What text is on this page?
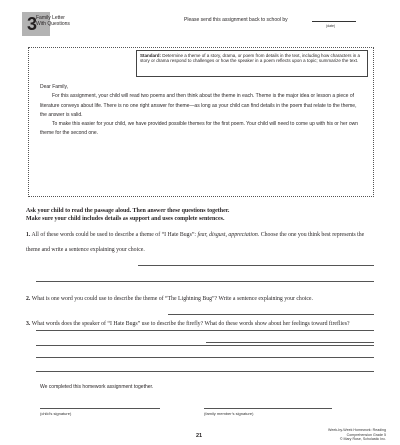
3
Family Letter
With Questions
Please send this assignment back to school by
(date)
Standard: Determine a theme of a story, drama, or poem from details in the text, including how characters in a story or drama respond to challenges or how the speaker in a poem reflects upon a topic; summarize the text.

Dear Family,

For this assignment, your child will read two poems and then think about the theme in each. Theme is the major idea or lesson a piece of literature conveys about life. There is no one right answer for theme—as long as your child can find details in the poem that relate to the theme, the answer is valid.

To make this easier for your child, we have provided possible themes for the first poem. Your child will need to come up with his or her own theme for the second one.

Ask your child to read the passage aloud. Then answer these questions together.
Make sure your child includes details as support and uses complete sentences.
1. All of these words could be used to describe a theme of “I Hate Bugs”: fear, disgust, appreciation. Choose the one you think best represents the theme and write a sentence explaining your choice.
2. What is one word you could use to describe the theme of “The Lightning Bug”? Write a sentence explaining your choice.
3. What words does the speaker of “I Hate Bugs” use to describe the firefly? What do these words show about her feelings toward fireflies?
We completed this homework assignment together.
(child’s signature)	(family member’s signature)
21
Week-by-Week Homework: Reading Comprehension Grade 5
© Mary Rose, Scholastic Inc.
